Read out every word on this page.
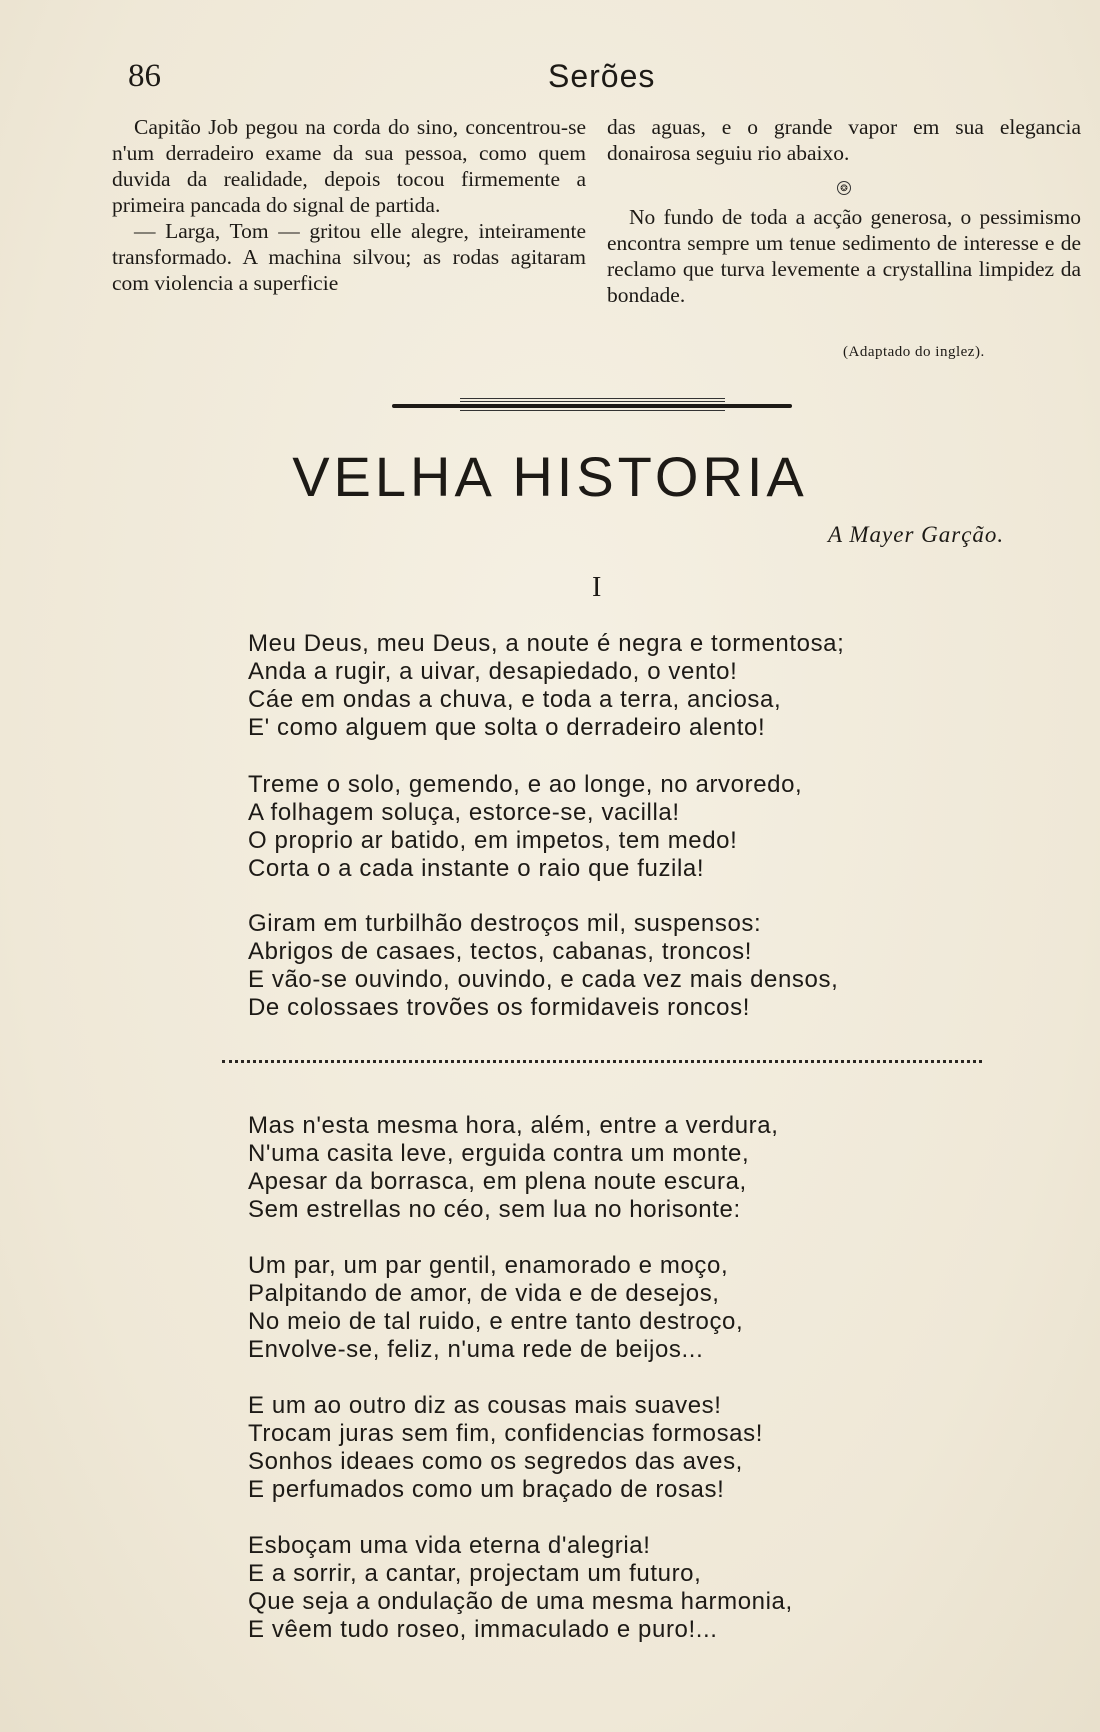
86	Serões

Capitão Job pegou na corda do sino, concentrou-se n'um derradeiro exame da sua pessoa, como quem duvida da realidade, depois tocou firmemente a primeira pancada do signal de partida.

— Larga, Tom — gritou elle alegre, inteiramente transformado. A machina silvou; as rodas agitaram com violencia a superficie

das aguas, e o grande vapor em sua elegancia donairosa seguiu rio abaixo.

❂

No fundo de toda a acção generosa, o pessimismo encontra sempre um tenue sedimento de interesse e de reclamo que turva levemente a crystallina limpidez da bondade.

(Adaptado do inglez).
VELHA HISTORIA
A Mayer Garção.
I

Meu Deus, meu Deus, a noute é negra e tormentosa;

Anda a rugir, a uivar, desapiedado, o vento!

Cáe em ondas a chuva, e toda a terra, anciosa,

E' como alguem que solta o derradeiro alento!

Treme o solo, gemendo, e ao longe, no arvoredo,

A folhagem soluça, estorce-se, vacilla!

O proprio ar batido, em impetos, tem medo!

Corta o a cada instante o raio que fuzila!

Giram em turbilhão destroços mil, suspensos:

Abrigos de casaes, tectos, cabanas, troncos!

E vão-se ouvindo, ouvindo, e cada vez mais densos,

De colossaes trovões os formidaveis roncos!

Mas n'esta mesma hora, além, entre a verdura,

N'uma casita leve, erguida contra um monte,

Apesar da borrasca, em plena noute escura,

Sem estrellas no céo, sem lua no horisonte:

Um par, um par gentil, enamorado e moço,

Palpitando de amor, de vida e de desejos,

No meio de tal ruido, e entre tanto destroço,

Envolve-se, feliz, n'uma rede de beijos...

E um ao outro diz as cousas mais suaves!

Trocam juras sem fim, confidencias formosas!

Sonhos ideaes como os segredos das aves,

E perfumados como um braçado de rosas!

Esboçam uma vida eterna d'alegria!

E a sorrir, a cantar, projectam um futuro,

Que seja a ondulação de uma mesma harmonia,

E vêem tudo roseo, immaculado e puro!...
